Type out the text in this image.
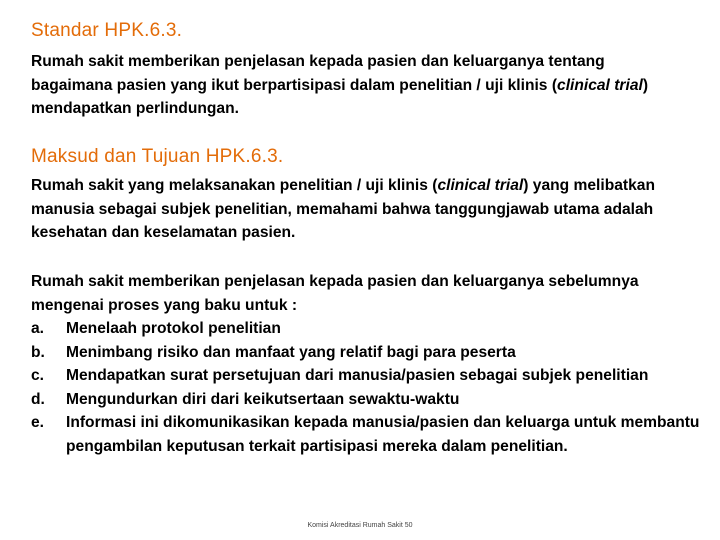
Standar HPK.6.3.

Rumah sakit memberikan penjelasan kepada pasien dan keluarganya tentang bagaimana pasien yang ikut berpartisipasi dalam penelitian / uji klinis (clinical trial) mendapatkan perlindungan.

Maksud dan Tujuan HPK.6.3.

Rumah sakit yang melaksanakan penelitian / uji klinis (clinical trial) yang melibatkan manusia sebagai subjek penelitian, memahami bahwa tanggungjawab utama adalah kesehatan dan keselamatan pasien.

Rumah sakit memberikan penjelasan kepada pasien dan keluarganya sebelumnya mengenai proses yang baku untuk :

a. Menelaah protokol penelitian
b. Menimbang risiko dan manfaat yang relatif bagi para peserta
c. Mendapatkan surat persetujuan dari manusia/pasien sebagai subjek penelitian
d. Mengundurkan diri dari keikutsertaan sewaktu-waktu
e. Informasi ini dikomunikasikan kepada manusia/pasien dan keluarga untuk membantu pengambilan keputusan terkait partisipasi mereka dalam penelitian.
Komisi Akreditasi Rumah Sakit 50
